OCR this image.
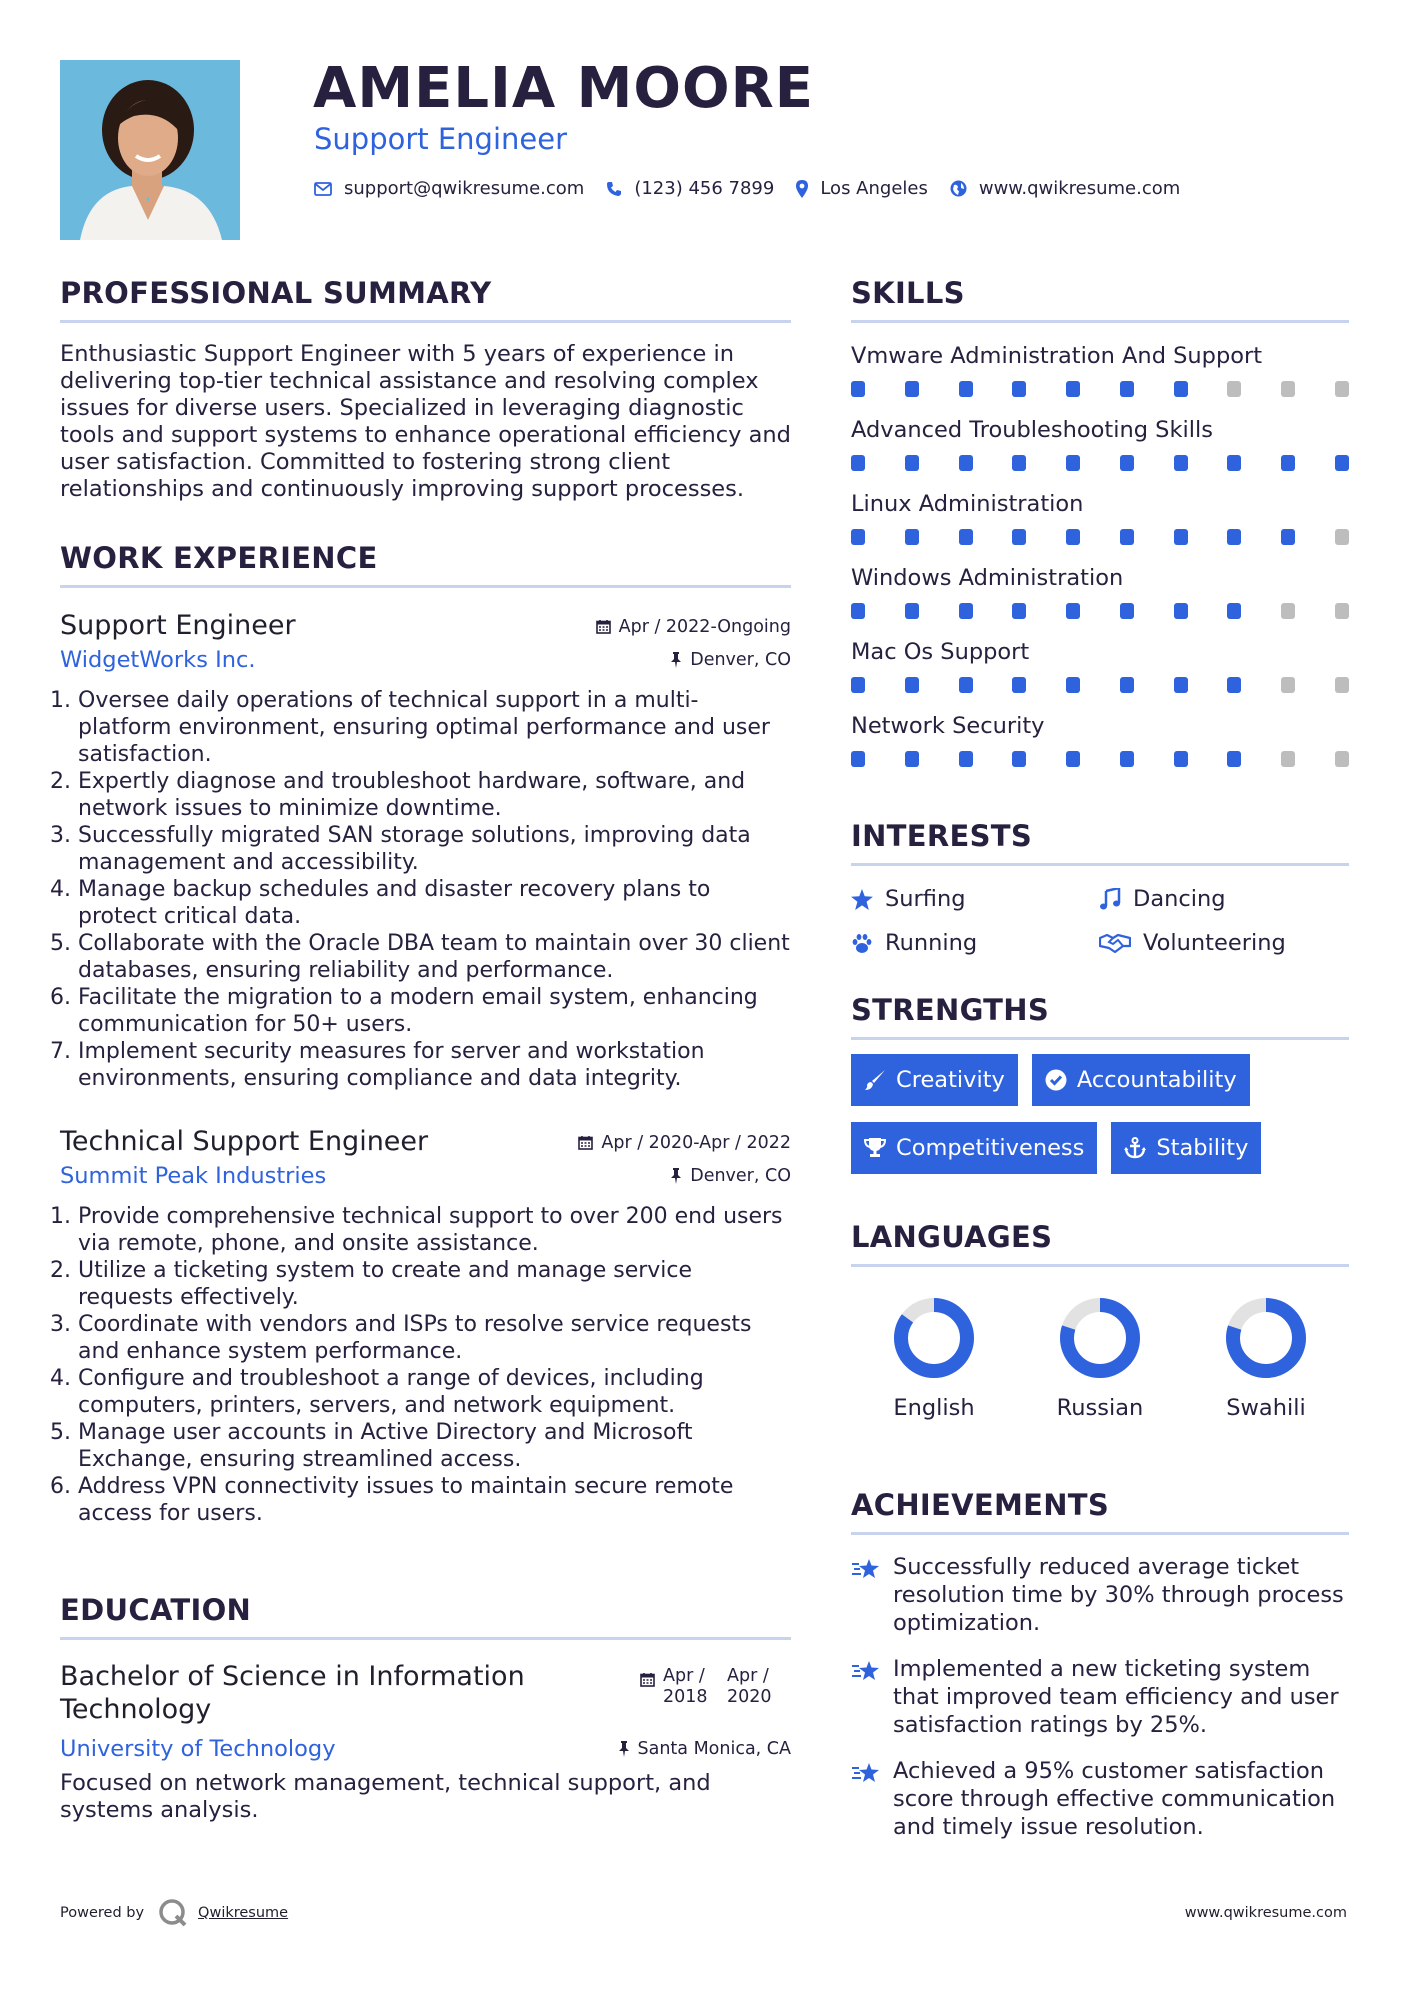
AMELIA MOORE
Support Engineer
support@qwikresume.com	(123) 456 7899	Los Angeles	www.qwikresume.com
PROFESSIONAL SUMMARY
Enthusiastic Support Engineer with 5 years of experience in delivering top-tier technical assistance and resolving complex issues for diverse users. Specialized in leveraging diagnostic tools and support systems to enhance operational efficiency and user satisfaction. Committed to fostering strong client relationships and continuously improving support processes.
WORK EXPERIENCE
Support Engineer	Apr / 2022-Ongoing
WidgetWorks Inc.	Denver, CO
1. Oversee daily operations of technical support in a multi-platform environment, ensuring optimal performance and user satisfaction.
2. Expertly diagnose and troubleshoot hardware, software, and network issues to minimize downtime.
3. Successfully migrated SAN storage solutions, improving data management and accessibility.
4. Manage backup schedules and disaster recovery plans to protect critical data.
5. Collaborate with the Oracle DBA team to maintain over 30 client databases, ensuring reliability and performance.
6. Facilitate the migration to a modern email system, enhancing communication for 50+ users.
7. Implement security measures for server and workstation environments, ensuring compliance and data integrity.
Technical Support Engineer	Apr / 2020-Apr / 2022
Summit Peak Industries	Denver, CO
1. Provide comprehensive technical support to over 200 end users via remote, phone, and onsite assistance.
2. Utilize a ticketing system to create and manage service requests effectively.
3. Coordinate with vendors and ISPs to resolve service requests and enhance system performance.
4. Configure and troubleshoot a range of devices, including computers, printers, servers, and network equipment.
5. Manage user accounts in Active Directory and Microsoft Exchange, ensuring streamlined access.
6. Address VPN connectivity issues to maintain secure remote access for users.
EDUCATION
Bachelor of Science in Information Technology
Apr / 2018
Apr / 2020
University of Technology	Santa Monica, CA
Focused on network management, technical support, and systems analysis.
SKILLS
Vmware Administration And Support
Advanced Troubleshooting Skills
Linux Administration
Windows Administration
Mac Os Support
Network Security
INTERESTS
Surfing	Dancing
Running	Volunteering
STRENGTHS
Creativity	Accountability
Competitiveness	Stability
LANGUAGES
English	Russian	Swahili
ACHIEVEMENTS
Successfully reduced average ticket resolution time by 30% through process optimization.
Implemented a new ticketing system that improved team efficiency and user satisfaction ratings by 25%.
Achieved a 95% customer satisfaction score through effective communication and timely issue resolution.
Powered by	Qwikresume	www.qwikresume.com
